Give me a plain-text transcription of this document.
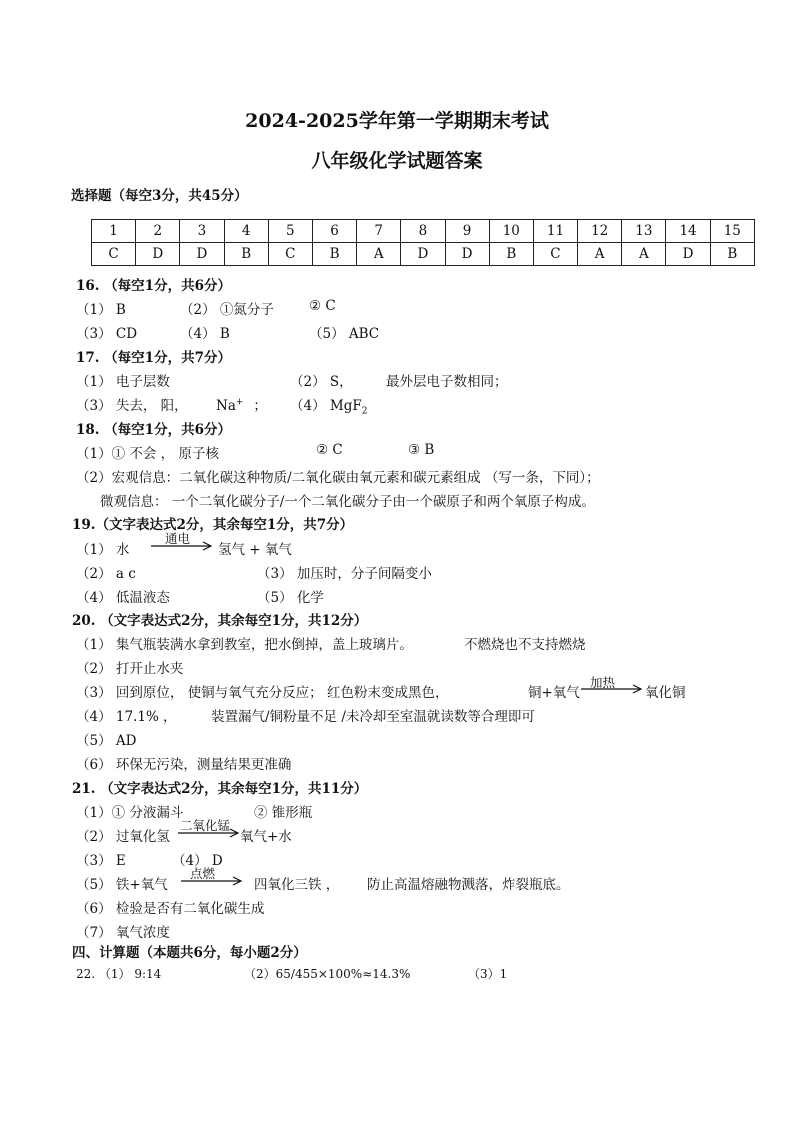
2024-2025学年第一学期期末考试
八年级化学试题答案
选择题（每空3分，共45分）
1	2	3	4	5	6	7	8	9	10	11	12	13	14	15
C	D	D	B	C	B	A	D	D	B	C	A	A	D	B
16. （每空1分，共6分）
（1） B	（2） ①氮分子	② C
（3） CD	（4） B	（5） ABC
17. （每空1分，共7分）
（1） 电子层数	（2） S， 最外层电子数相同；
（3） 失去， 阳， Na+ ； （4） MgF$_2$
18. （每空1分，共6分）
（1）① 不会 ， 原子核	② C	③ B
（2）宏观信息：二氧化碳这种物质/二氧化碳由氧元素和碳元素组成 （写一条，下同）；
微观信息： 一个二氧化碳分子/一个二氧化碳分子由一个碳原子和两个氧原子构成。
19.（文字表达式2分，其余每空1分，共7分）
（1） 水
通电
→ 氢气 + 氧气
（2） a c	（3） 加压时，分子间隔变小
（4） 低温液态	（5） 化学
20. （文字表达式2分，其余每空1分，共12分）
（1） 集气瓶装满水拿到教室，把水倒掉，盖上玻璃片。	不燃烧也不支持燃烧
（2） 打开止水夹
（3） 回到原位， 使铜与氧气充分反应； 红色粉末变成黑色，	铜+氧气
加热
→ 氧化铜
（4） 17.1% ，	装置漏气/铜粉量不足 /未冷却至室温就读数等合理即可
（5） AD
（6） 环保无污染，测量结果更准确
21. （文字表达式2分，其余每空1分，共11分）
（1）① 分液漏斗	② 锥形瓶
（2） 过氧化氢
二氧化锰
→ 氧气+水
（3） E	（4） D
（5） 铁+氧气
点燃
→ 四氧化三铁 ， 防止高温熔融物溅落，炸裂瓶底。
（6） 检验是否有二氧化碳生成
（7） 氧气浓度
四、计算题（本题共6分，每小题2分）
22. （1） 9:14	（2）65/455×100%≈14.3%	（3）1
